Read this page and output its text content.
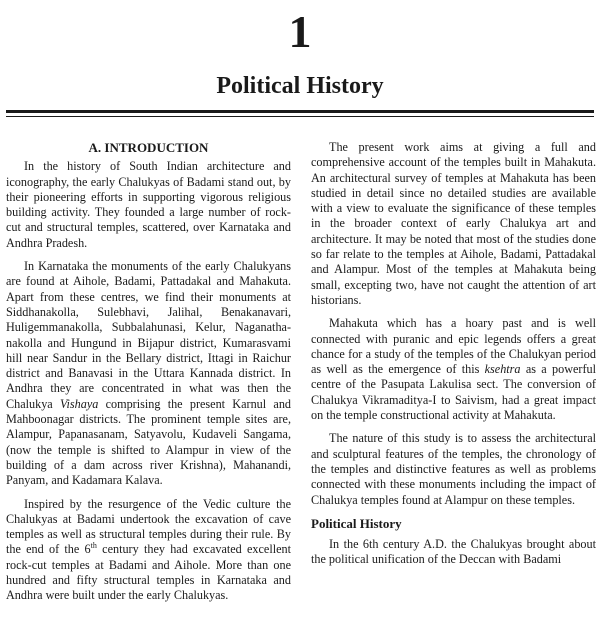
1
Political History
A. INTRODUCTION

In the history of South Indian architecture and iconography, the early Chalukyas of Badami stand out, by their pioneering efforts in supporting vigorous religious building activity. They founded a large number of rock-cut and structural temples, scattered, over Karnataka and Andhra Pradesh.

In Karnataka the monuments of the early Chalukyans are found at Aihole, Badami, Pattadakal and Mahakuta. Apart from these centres, we find their monuments at Siddhanakolla, Sulebhavi, Jalihal, Benakanavari, Huligemmanakolla, Subbalahunasi, Kelur, Naganatha-nakolla and Hungund in Bijapur district, Kumarasvami hill near Sandur in the Bellary district, Ittagi in Raichur district and Banavasi in the Uttara Kannada district. In Andhra they are concentrated in what was then the Chalukya Vishaya comprising the present Karnul and Mahboonagar districts. The prominent temple sites are, Alampur, Papanasanam, Satyavolu, Kudaveli Sangama, (now the temple is shifted to Alampur in view of the building of a dam across river Krishna), Mahanandi, Panyam, and Kadamara Kalava.

Inspired by the resurgence of the Vedic culture the Chalukyas at Badami undertook the excavation of cave temples as well as structural temples during their rule. By the end of the 6th century they had excavated excellent rock-cut temples at Badami and Aihole. More than one hundred and fifty structural temples in Karnataka and Andhra were built under the early Chalukyas.

The present work aims at giving a full and comprehensive account of the temples built in Mahakuta. An architectural survey of temples at Mahakuta has been studied in detail since no detailed studies are available with a view to evaluate the significance of these temples in the broader context of early Chalukya art and architecture. It may be noted that most of the studies done so far relate to the temples at Aihole, Badami, Pattadakal and Alampur. Most of the temples at Mahakuta being small, excepting two, have not caught the attention of art historians.

Mahakuta which has a hoary past and is well connected with puranic and epic legends offers a great chance for a study of the temples of the Chalukyan period as well as the emergence of this ksehtra as a powerful centre of the Pasupata Lakulisa sect. The conversion of Chalukya Vikramaditya-I to Saivism, had a great impact on the temple constructional activity at Mahakuta.

The nature of this study is to assess the architectural and sculptural features of the temples, the chronology of the temples and distinctive features as well as problems connected with these monuments including the impact of Chalukya temples found at Alampur on these temples.

Political History

In the 6th century A.D. the Chalukyas brought about the political unification of the Deccan with Badami
